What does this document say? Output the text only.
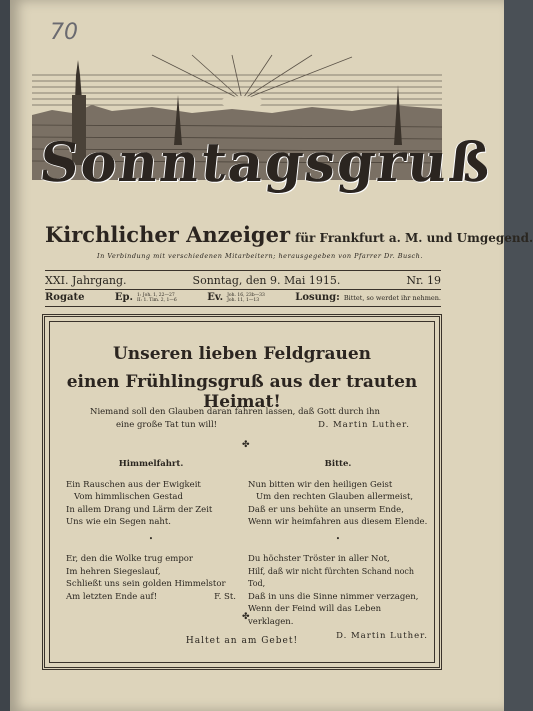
70
Sonntagsgruß
Kirchlicher Anzeiger für Frankfurt a. M. und Umgegend.
In Verbindung mit verschiedenen Mitarbeitern; herausgegeben von Pfarrer Dr. Busch.
XXI. Jahrgang.	Sonntag, den 9. Mai 1915.	Nr. 19
Rogate	Ep. 1: Joh. 1, 22—27
II: 1. Tim. 2, 1—6	Ev. Joh. 16, 23b—33
Joh. 11, 1—13	Losung: Bittet, so werdet ihr nehmen.
Unseren lieben Feldgrauen
einen Frühlingsgruß aus der trauten Heimat!
Niemand soll den Glauben daran fahren lassen, daß Gott durch ihn
eine große Tat tun will!	D. Martin Luther.
✤
Himmelfahrt.

Ein Rauschen aus der Ewigkeit

Vom himmlischen Gestad

In allem Drang und Lärm der Zeit

Uns wie ein Segen naht.

•

Er, den die Wolke trug empor

Im hehren Siegeslauf,

Schließt uns sein golden Himmelstor

Am letzten Ende auf!	F. St.
Bitte.

Nun bitten wir den heiligen Geist

Um den rechten Glauben allermeist,

Daß er uns behüte an unserm Ende,

Wenn wir heimfahren aus diesem Elende.

•

Du höchster Tröster in aller Not,

Hilf, daß wir nicht fürchten Schand noch Tod,

Daß in uns die Sinne nimmer verzagen,

Wenn der Feind will das Leben verklagen.

D. Martin Luther.
✤
Haltet an am Gebet!
